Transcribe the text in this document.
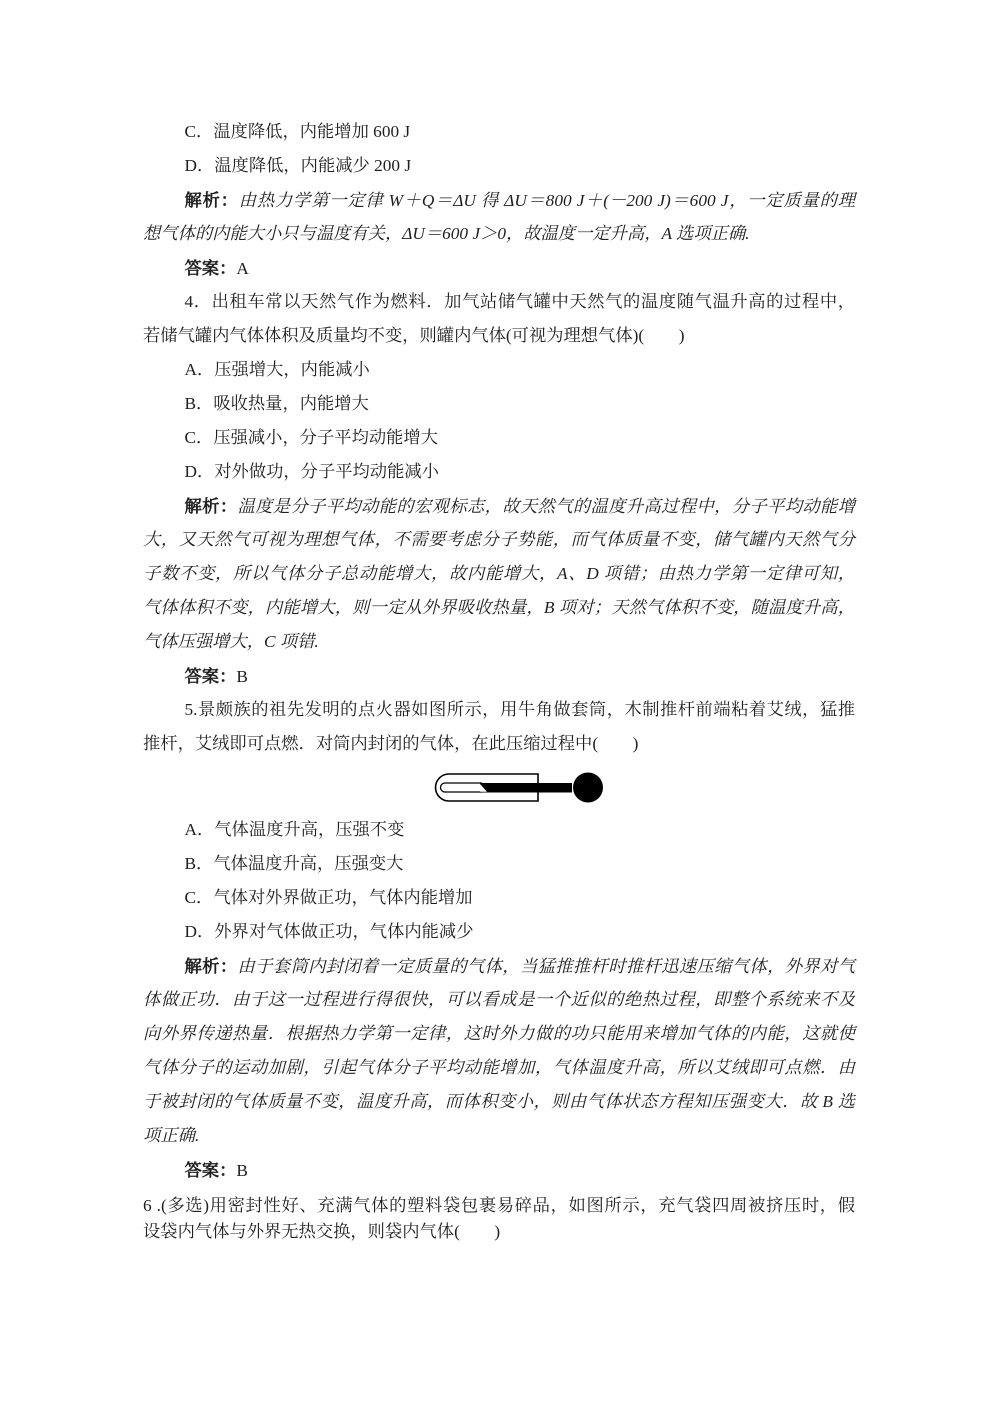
C．温度降低，内能增加 600 J
D．温度降低，内能减少 200 J
解析：由热力学第一定律 W＋Q＝ΔU 得 ΔU＝800 J＋(－200 J)＝600 J，一定质量的理
想气体的内能大小只与温度有关，ΔU＝600 J＞0，故温度一定升高，A 选项正确.
答案：A
4．出租车常以天然气作为燃料．加气站储气罐中天然气的温度随气温升高的过程中，
若储气罐内气体体积及质量均不变，则罐内气体(可视为理想气体)(　　)
A．压强增大，内能减小
B．吸收热量，内能增大
C．压强减小，分子平均动能增大
D．对外做功，分子平均动能减小
解析：温度是分子平均动能的宏观标志，故天然气的温度升高过程中，分子平均动能增
大，又天然气可视为理想气体，不需要考虑分子势能，而气体质量不变，储气罐内天然气分
子数不变，所以气体分子总动能增大，故内能增大，A、D 项错；由热力学第一定律可知，
气体体积不变，内能增大，则一定从外界吸收热量，B 项对；天然气体积不变，随温度升高，
气体压强增大，C 项错.
答案：B
5.景颇族的祖先发明的点火器如图所示，用牛角做套筒，木制推杆前端粘着艾绒，猛推
推杆，艾绒即可点燃．对筒内封闭的气体，在此压缩过程中(　　)
A．气体温度升高，压强不变
B．气体温度升高，压强变大
C．气体对外界做正功，气体内能增加
D．外界对气体做正功，气体内能减少
解析：由于套筒内封闭着一定质量的气体，当猛推推杆时推杆迅速压缩气体，外界对气
体做正功．由于这一过程进行得很快，可以看成是一个近似的绝热过程，即整个系统来不及
向外界传递热量．根据热力学第一定律，这时外力做的功只能用来增加气体的内能，这就使
气体分子的运动加剧，引起气体分子平均动能增加，气体温度升高，所以艾绒即可点燃．由
于被封闭的气体质量不变，温度升高，而体积变小，则由气体状态方程知压强变大．故 B 选
项正确.
答案：B
6 .(多选)用密封性好、充满气体的塑料袋包裹易碎品，如图所示，充气袋四周被挤压时，假
设袋内气体与外界无热交换，则袋内气体(　　)
